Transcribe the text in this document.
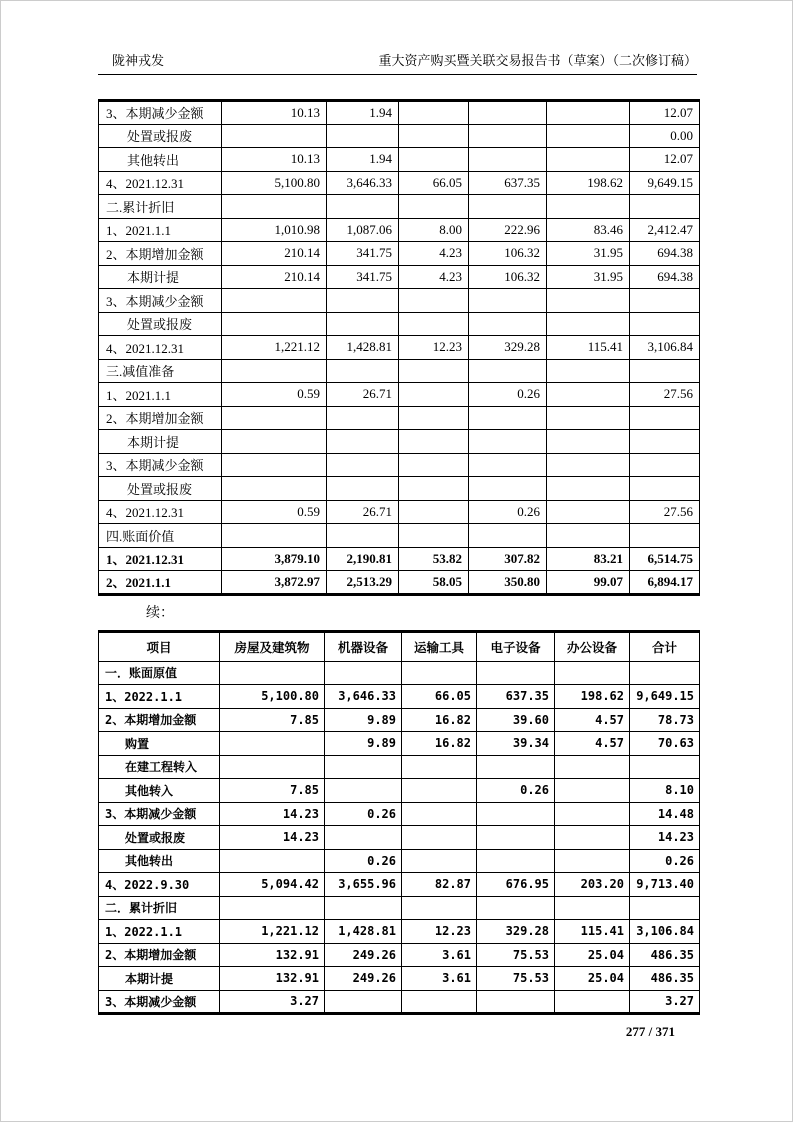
陇神戎发	重大资产购买暨关联交易报告书（草案）（二次修订稿）
3、本期减少金额	10.13	1.94				12.07
处置或报废						0.00
其他转出	10.13	1.94				12.07
4、2021.12.31	5,100.80	3,646.33	66.05	637.35	198.62	9,649.15
二.累计折旧						
1、2021.1.1	1,010.98	1,087.06	8.00	222.96	83.46	2,412.47
2、本期增加金额	210.14	341.75	4.23	106.32	31.95	694.38
本期计提	210.14	341.75	4.23	106.32	31.95	694.38
3、本期减少金额						
处置或报废						
4、2021.12.31	1,221.12	1,428.81	12.23	329.28	115.41	3,106.84
三.减值准备						
1、2021.1.1	0.59	26.71		0.26		27.56
2、本期增加金额						
本期计提						
3、本期减少金额						
处置或报废						
4、2021.12.31	0.59	26.71		0.26		27.56
四.账面价值						
1、2021.12.31	3,879.10	2,190.81	53.82	307.82	83.21	6,514.75
2、2021.1.1	3,872.97	2,513.29	58.05	350.80	99.07	6,894.17
续：
项目	房屋及建筑物	机器设备	运输工具	电子设备	办公设备	合计
一．账面原值						
1、2022.1.1	5,100.80	3,646.33	66.05	637.35	198.62	9,649.15
2、本期增加金额	7.85	9.89	16.82	39.60	4.57	78.73
购置		9.89	16.82	39.34	4.57	70.63
在建工程转入						
其他转入	7.85			0.26		8.10
3、本期减少金额	14.23	0.26				14.48
处置或报废	14.23					14.23
其他转出		0.26				0.26
4、2022.9.30	5,094.42	3,655.96	82.87	676.95	203.20	9,713.40
二．累计折旧						
1、2022.1.1	1,221.12	1,428.81	12.23	329.28	115.41	3,106.84
2、本期增加金额	132.91	249.26	3.61	75.53	25.04	486.35
本期计提	132.91	249.26	3.61	75.53	25.04	486.35
3、本期减少金额	3.27					3.27
277 / 371
